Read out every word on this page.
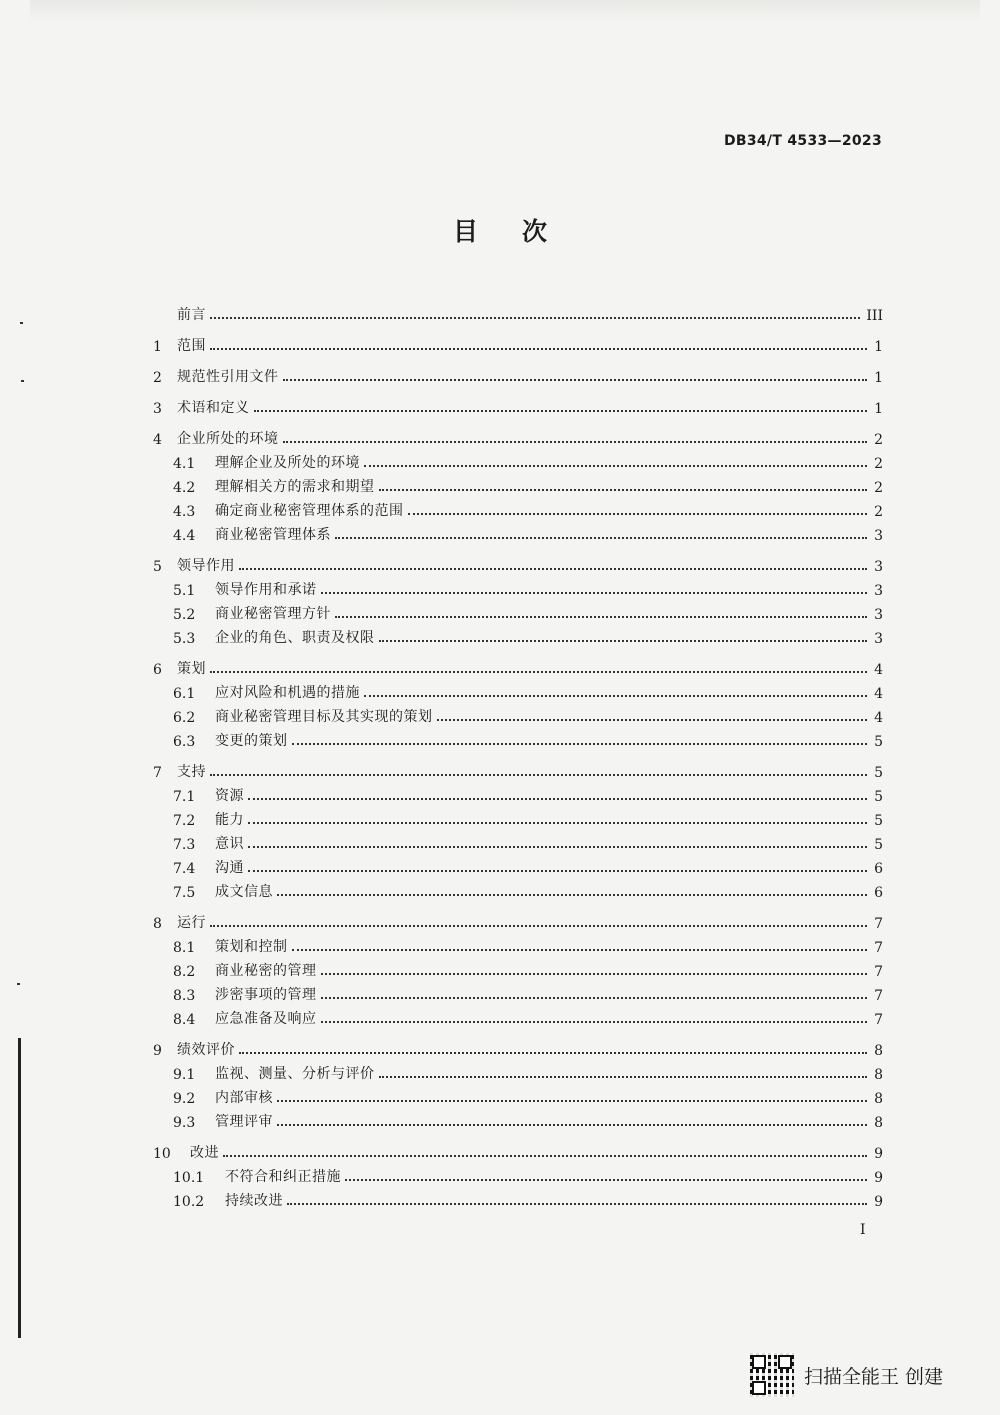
DB34/T 4533—2023
目 次
前言	III
1	范围	1
2	规范性引用文件	1
3	术语和定义	1
4	企业所处的环境	2
4.1	理解企业及所处的环境	2
4.2	理解相关方的需求和期望	2
4.3	确定商业秘密管理体系的范围	2
4.4	商业秘密管理体系	3
5	领导作用	3
5.1	领导作用和承诺	3
5.2	商业秘密管理方针	3
5.3	企业的角色、职责及权限	3
6	策划	4
6.1	应对风险和机遇的措施	4
6.2	商业秘密管理目标及其实现的策划	4
6.3	变更的策划	5
7	支持	5
7.1	资源	5
7.2	能力	5
7.3	意识	5
7.4	沟通	6
7.5	成文信息	6
8	运行	7
8.1	策划和控制	7
8.2	商业秘密的管理	7
8.3	涉密事项的管理	7
8.4	应急准备及响应	7
9	绩效评价	8
9.1	监视、测量、分析与评价	8
9.2	内部审核	8
9.3	管理评审	8
10	改进	9
10.1	不符合和纠正措施	9
10.2	持续改进	9
I
扫描全能王 创建
